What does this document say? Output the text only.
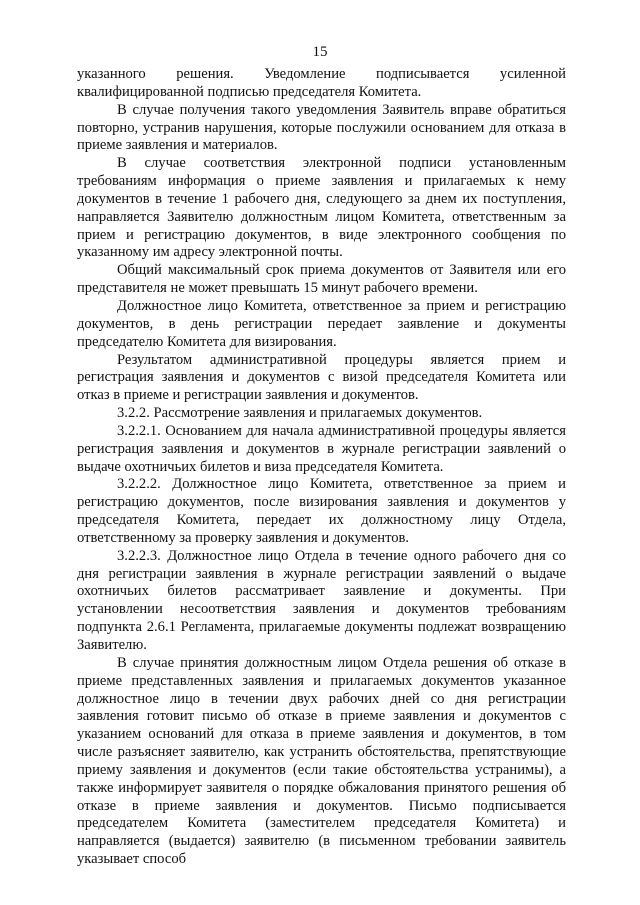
15

указанного решения. Уведомление подписывается усиленной квалифицированной подписью председателя Комитета.

В случае получения такого уведомления Заявитель вправе обратиться повторно, устранив нарушения, которые послужили основанием для отказа в приеме заявления и материалов.

В случае соответствия электронной подписи установленным требованиям информация о приеме заявления и прилагаемых к нему документов в течение 1 рабочего дня, следующего за днем их поступления, направляется Заявителю должностным лицом Комитета, ответственным за прием и регистрацию документов, в виде электронного сообщения по указанному им адресу электронной почты.

Общий максимальный срок приема документов от Заявителя или его представителя не может превышать 15 минут рабочего времени.

Должностное лицо Комитета, ответственное за прием и регистрацию документов, в день регистрации передает заявление и документы председателю Комитета для визирования.

Результатом административной процедуры является прием и регистрация заявления и документов с визой председателя Комитета или отказ в приеме и регистрации заявления и документов.

3.2.2. Рассмотрение заявления и прилагаемых документов.

3.2.2.1. Основанием для начала административной процедуры является регистрация заявления и документов в журнале регистрации заявлений о выдаче охотничьих билетов и виза председателя Комитета.

3.2.2.2. Должностное лицо Комитета, ответственное за прием и регистрацию документов, после визирования заявления и документов у председателя Комитета, передает их должностному лицу Отдела, ответственному за проверку заявления и документов.

3.2.2.3. Должностное лицо Отдела в течение одного рабочего дня со дня регистрации заявления в журнале регистрации заявлений о выдаче охотничьих билетов рассматривает заявление и документы. При установлении несоответствия заявления и документов требованиям подпункта 2.6.1 Регламента, прилагаемые документы подлежат возвращению Заявителю.

В случае принятия должностным лицом Отдела решения об отказе в приеме представленных заявления и прилагаемых документов указанное должностное лицо в течении двух рабочих дней со дня регистрации заявления готовит письмо об отказе в приеме заявления и документов с указанием оснований для отказа в приеме заявления и документов, в том числе разъясняет заявителю, как устранить обстоятельства, препятствующие приему заявления и документов (если такие обстоятельства устранимы), а также информирует заявителя о порядке обжалования принятого решения об отказе в приеме заявления и документов. Письмо подписывается председателем Комитета (заместителем председателя Комитета) и направляется (выдается) заявителю (в письменном требовании заявитель указывает способ
